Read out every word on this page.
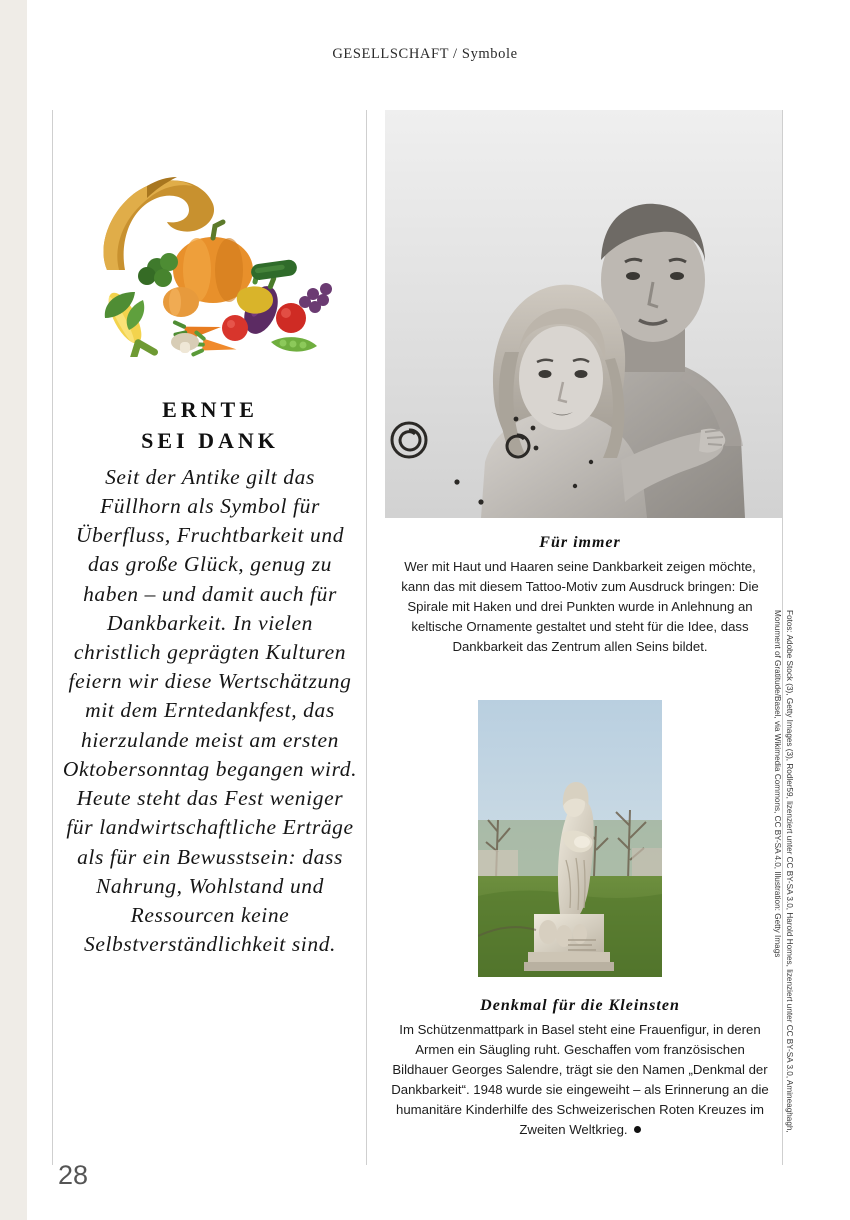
GESELLSCHAFT / Symbole
ERNTE
SEI DANK
Seit der Antike gilt das Füllhorn als Symbol für Überfluss, Fruchtbarkeit und das große Glück, genug zu haben – und damit auch für Dankbarkeit. In vielen christlich geprägten Kulturen feiern wir diese Wertschätzung mit dem Erntedankfest, das hierzulande meist am ersten Oktobersonntag begangen wird. Heute steht das Fest weniger für landwirtschaftliche Erträge als für ein Bewusstsein: dass Nahrung, Wohlstand und Ressourcen keine Selbstverständlichkeit sind.
Für immer
Wer mit Haut und Haaren seine Dankbarkeit zeigen möchte, kann das mit diesem Tattoo-Motiv zum Ausdruck bringen: Die Spirale mit Haken und drei Punkten wurde in Anlehnung an keltische Ornamente gestaltet und steht für die Idee, dass Dankbarkeit das Zentrum allen Seins bildet.
Denkmal für die Kleinsten
Im Schützenmattpark in Basel steht eine Frauenfigur, in deren Armen ein Säugling ruht. Geschaffen vom französischen Bildhauer Georges Salendre, trägt sie den Namen „Denkmal der Dankbarkeit“. 1948 wurde sie eingeweiht – als Erinnerung an die humanitäre Kinderhilfe des Schweizerischen Roten Kreuzes im Zweiten Weltkrieg.	Fotos: Adobe Stock (3), Getty Images (3), Rodler59, lizenziert unter CC BY-SA 3.0, Harold Homes, lizenziert unter CC BY-SA 3.0, Amineaghagh, Monument of Gratitude/Basel, via Wikimedia Commons, CC BY-SA 4.0, Illustration: Getty Imags
28
